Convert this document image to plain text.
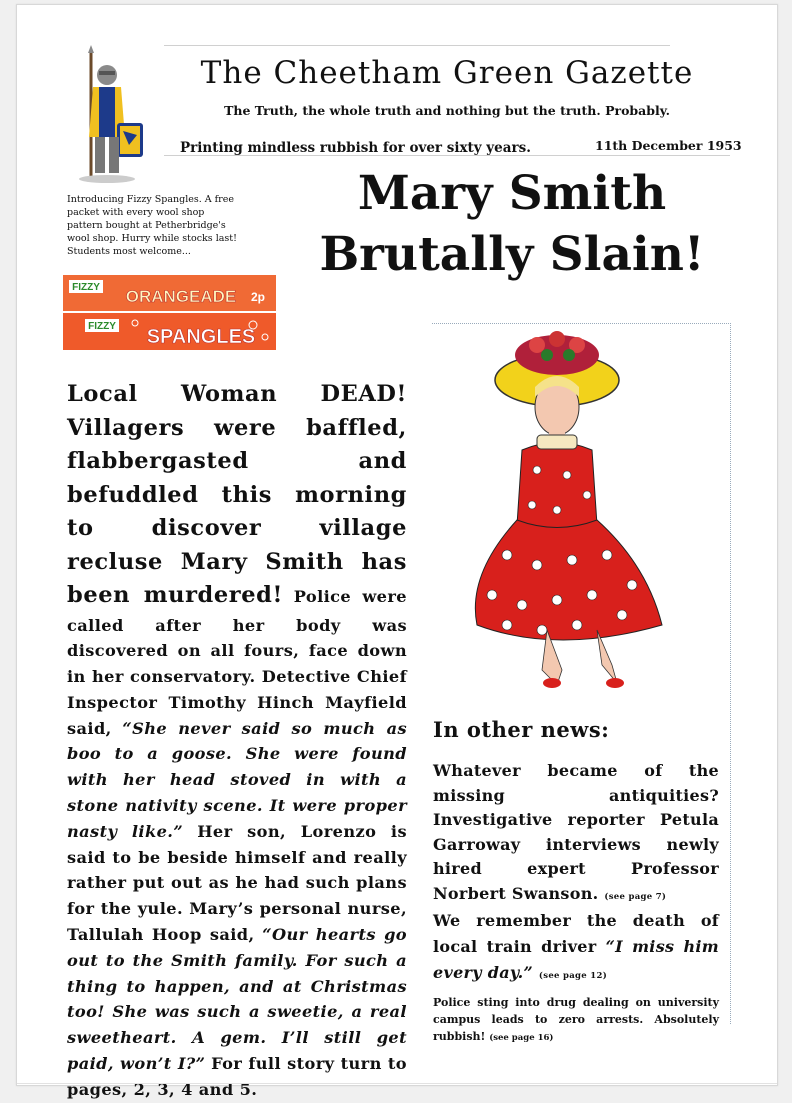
The Cheetham Green Gazette
The Truth, the whole truth and nothing but the truth. Probably.
Printing mindless rubbish for over sixty years.	11th December 1953
Introducing Fizzy Spangles. A free packet with every wool shop pattern bought at Petherbridge's wool shop. Hurry while stocks last! Students most welcome...
FIZZY ORANGEADE 2p
FIZZY SPANGLES
Mary Smith
Brutally Slain!
Local Woman DEAD! Villagers were baffled, flabbergasted and befuddled this morning to discover village recluse Mary Smith has been murdered! Police were called after her body was discovered on all fours, face down in her conservatory. Detective Chief Inspector Timothy Hinch Mayfield said, “She never said so much as boo to a goose. She were found with her head stoved in with a stone nativity scene. It were proper nasty like.” Her son, Lorenzo is said to be beside himself and really rather put out as he had such plans for the yule. Mary’s personal nurse, Tallulah Hoop said, “Our hearts go out to the Smith family. For such a thing to happen, and at Christmas too! She was such a sweetie, a real sweetheart. A gem. I’ll still get paid, won’t I?” For full story turn to pages, 2, 3, 4 and 5.
In other news:
Whatever became of the missing antiquities? Investigative reporter Petula Garroway interviews newly hired expert Professor Norbert Swanson. (see page 7)
We remember the death of local train driver “I miss him every day.” (see page 12)
Police sting into drug dealing on university campus leads to zero arrests. Absolutely rubbish! (see page 16)
